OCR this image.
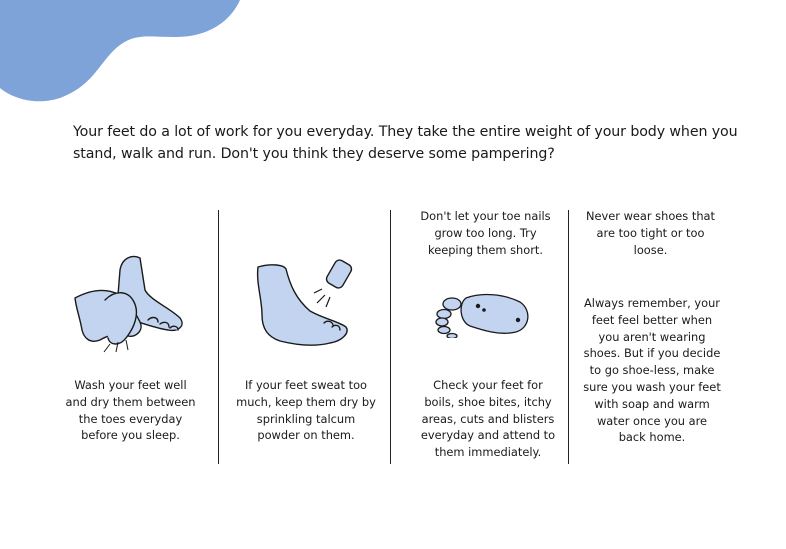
Your feet do a lot of work for you everyday. They take the entire weight of your body when you stand, walk and run. Don't you think they deserve some pampering?
Wash your feet well and dry them between the toes everyday before you sleep.
If your feet sweat too much, keep them dry by sprinkling talcum powder on them.
Don't let your toe nails grow too long. Try keeping them short.
Check your feet for boils, shoe bites, itchy areas, cuts and blisters everyday and attend to them immediately.
Never wear shoes that are too tight or too loose.
Always remember, your feet feel better when you aren't wearing shoes. But if you decide to go shoe-less, make sure you wash your feet with soap and warm water once you are back home.
